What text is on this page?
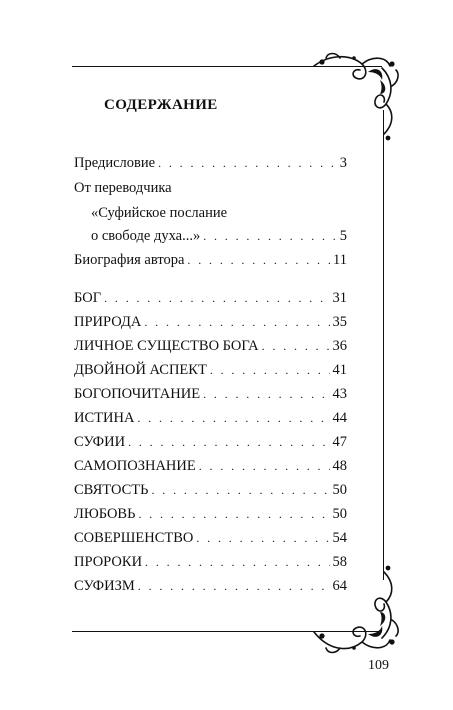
СОДЕРЖАНИЕ
Предисловие . . .	3
От переводчика
«Суфийское послание
о свободе духа...» . . .	5
Биография автора . . .	11
БОГ . . .	31
ПРИРОДА . . .	35
ЛИЧНОЕ СУЩЕСТВО БОГА . . .	36
ДВОЙНОЙ АСПЕКТ . . .	41
БОГОПОЧИТАНИЕ . . .	43
ИСТИНА . . .	44
СУФИИ . . .	47
САМОПОЗНАНИЕ . . .	48
СВЯТОСТЬ . . .	50
ЛЮБОВЬ . . .	50
СОВЕРШЕНСТВО . . .	54
ПРОРОКИ . . .	58
СУФИЗМ . . .	64
109
